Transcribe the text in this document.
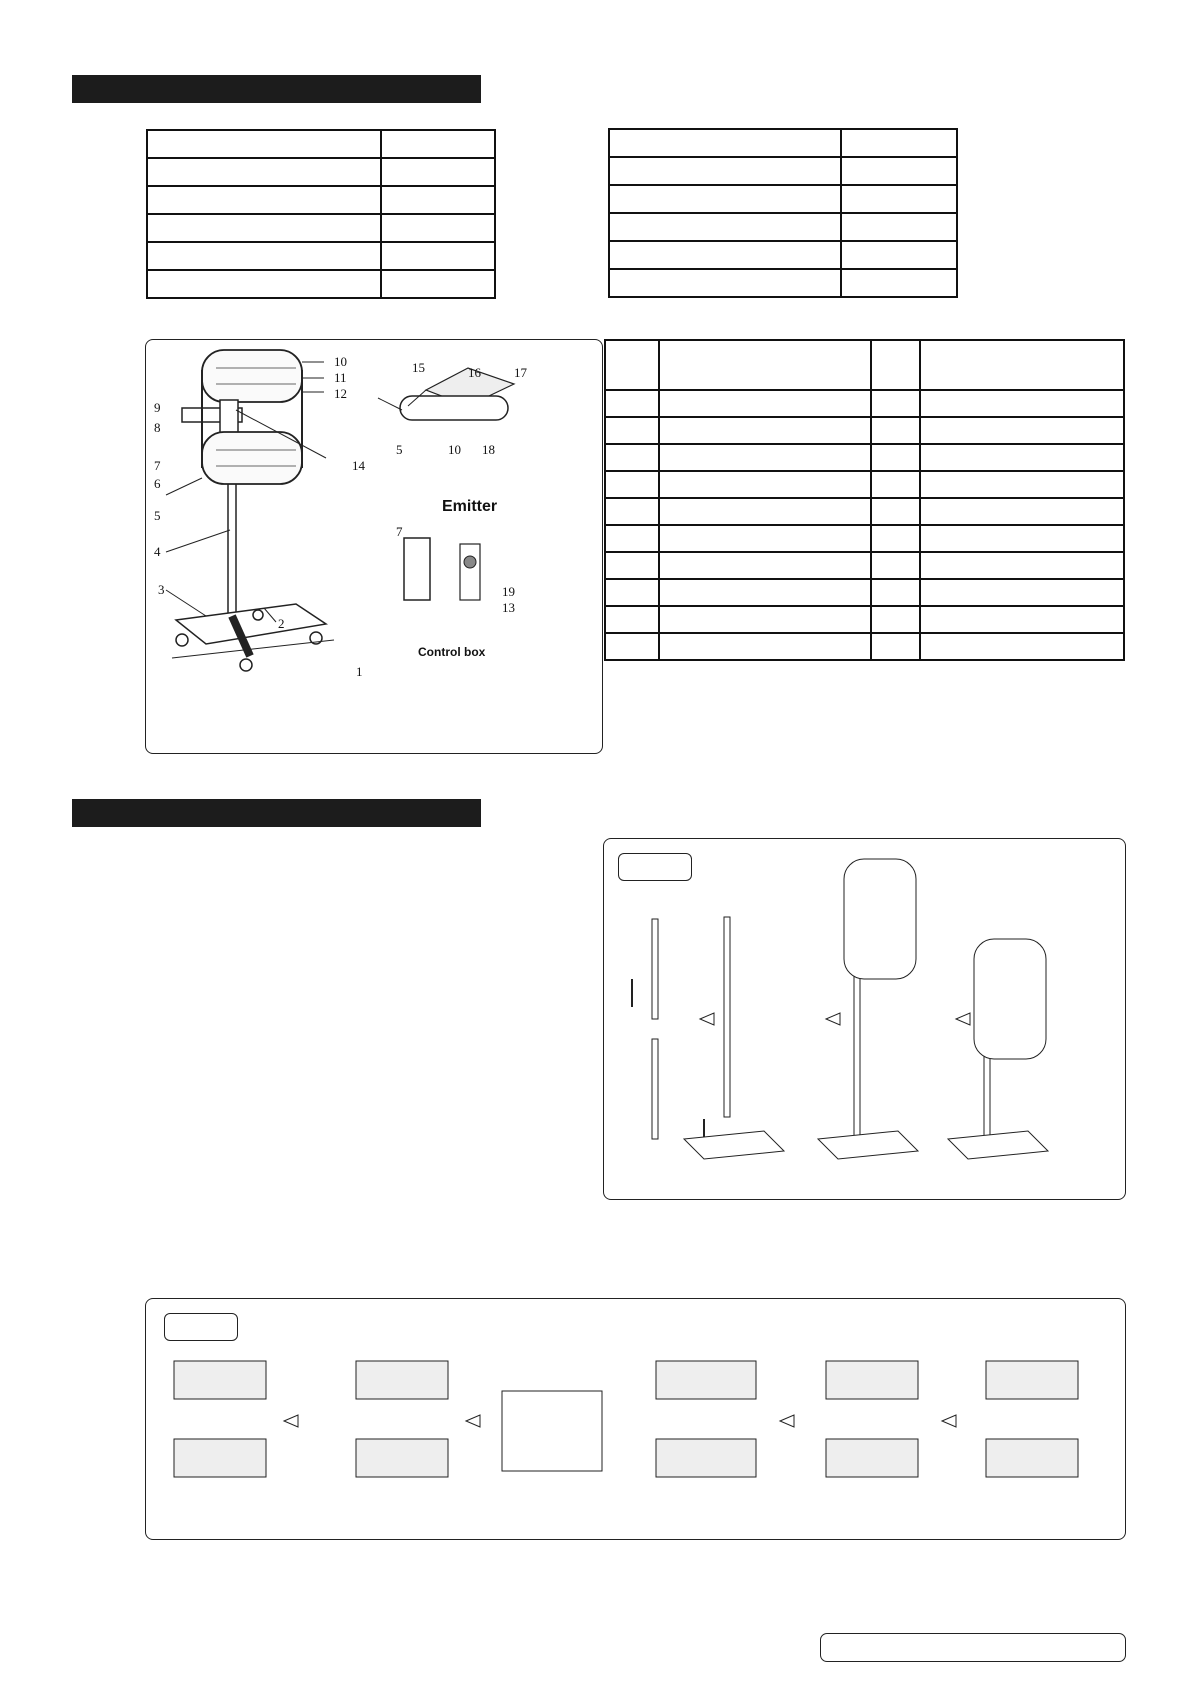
10
11
12
9
8
7
6
5
4
3
2
1
14
15	16	17
5	10 18
7
19
13
Emitter
Control box
